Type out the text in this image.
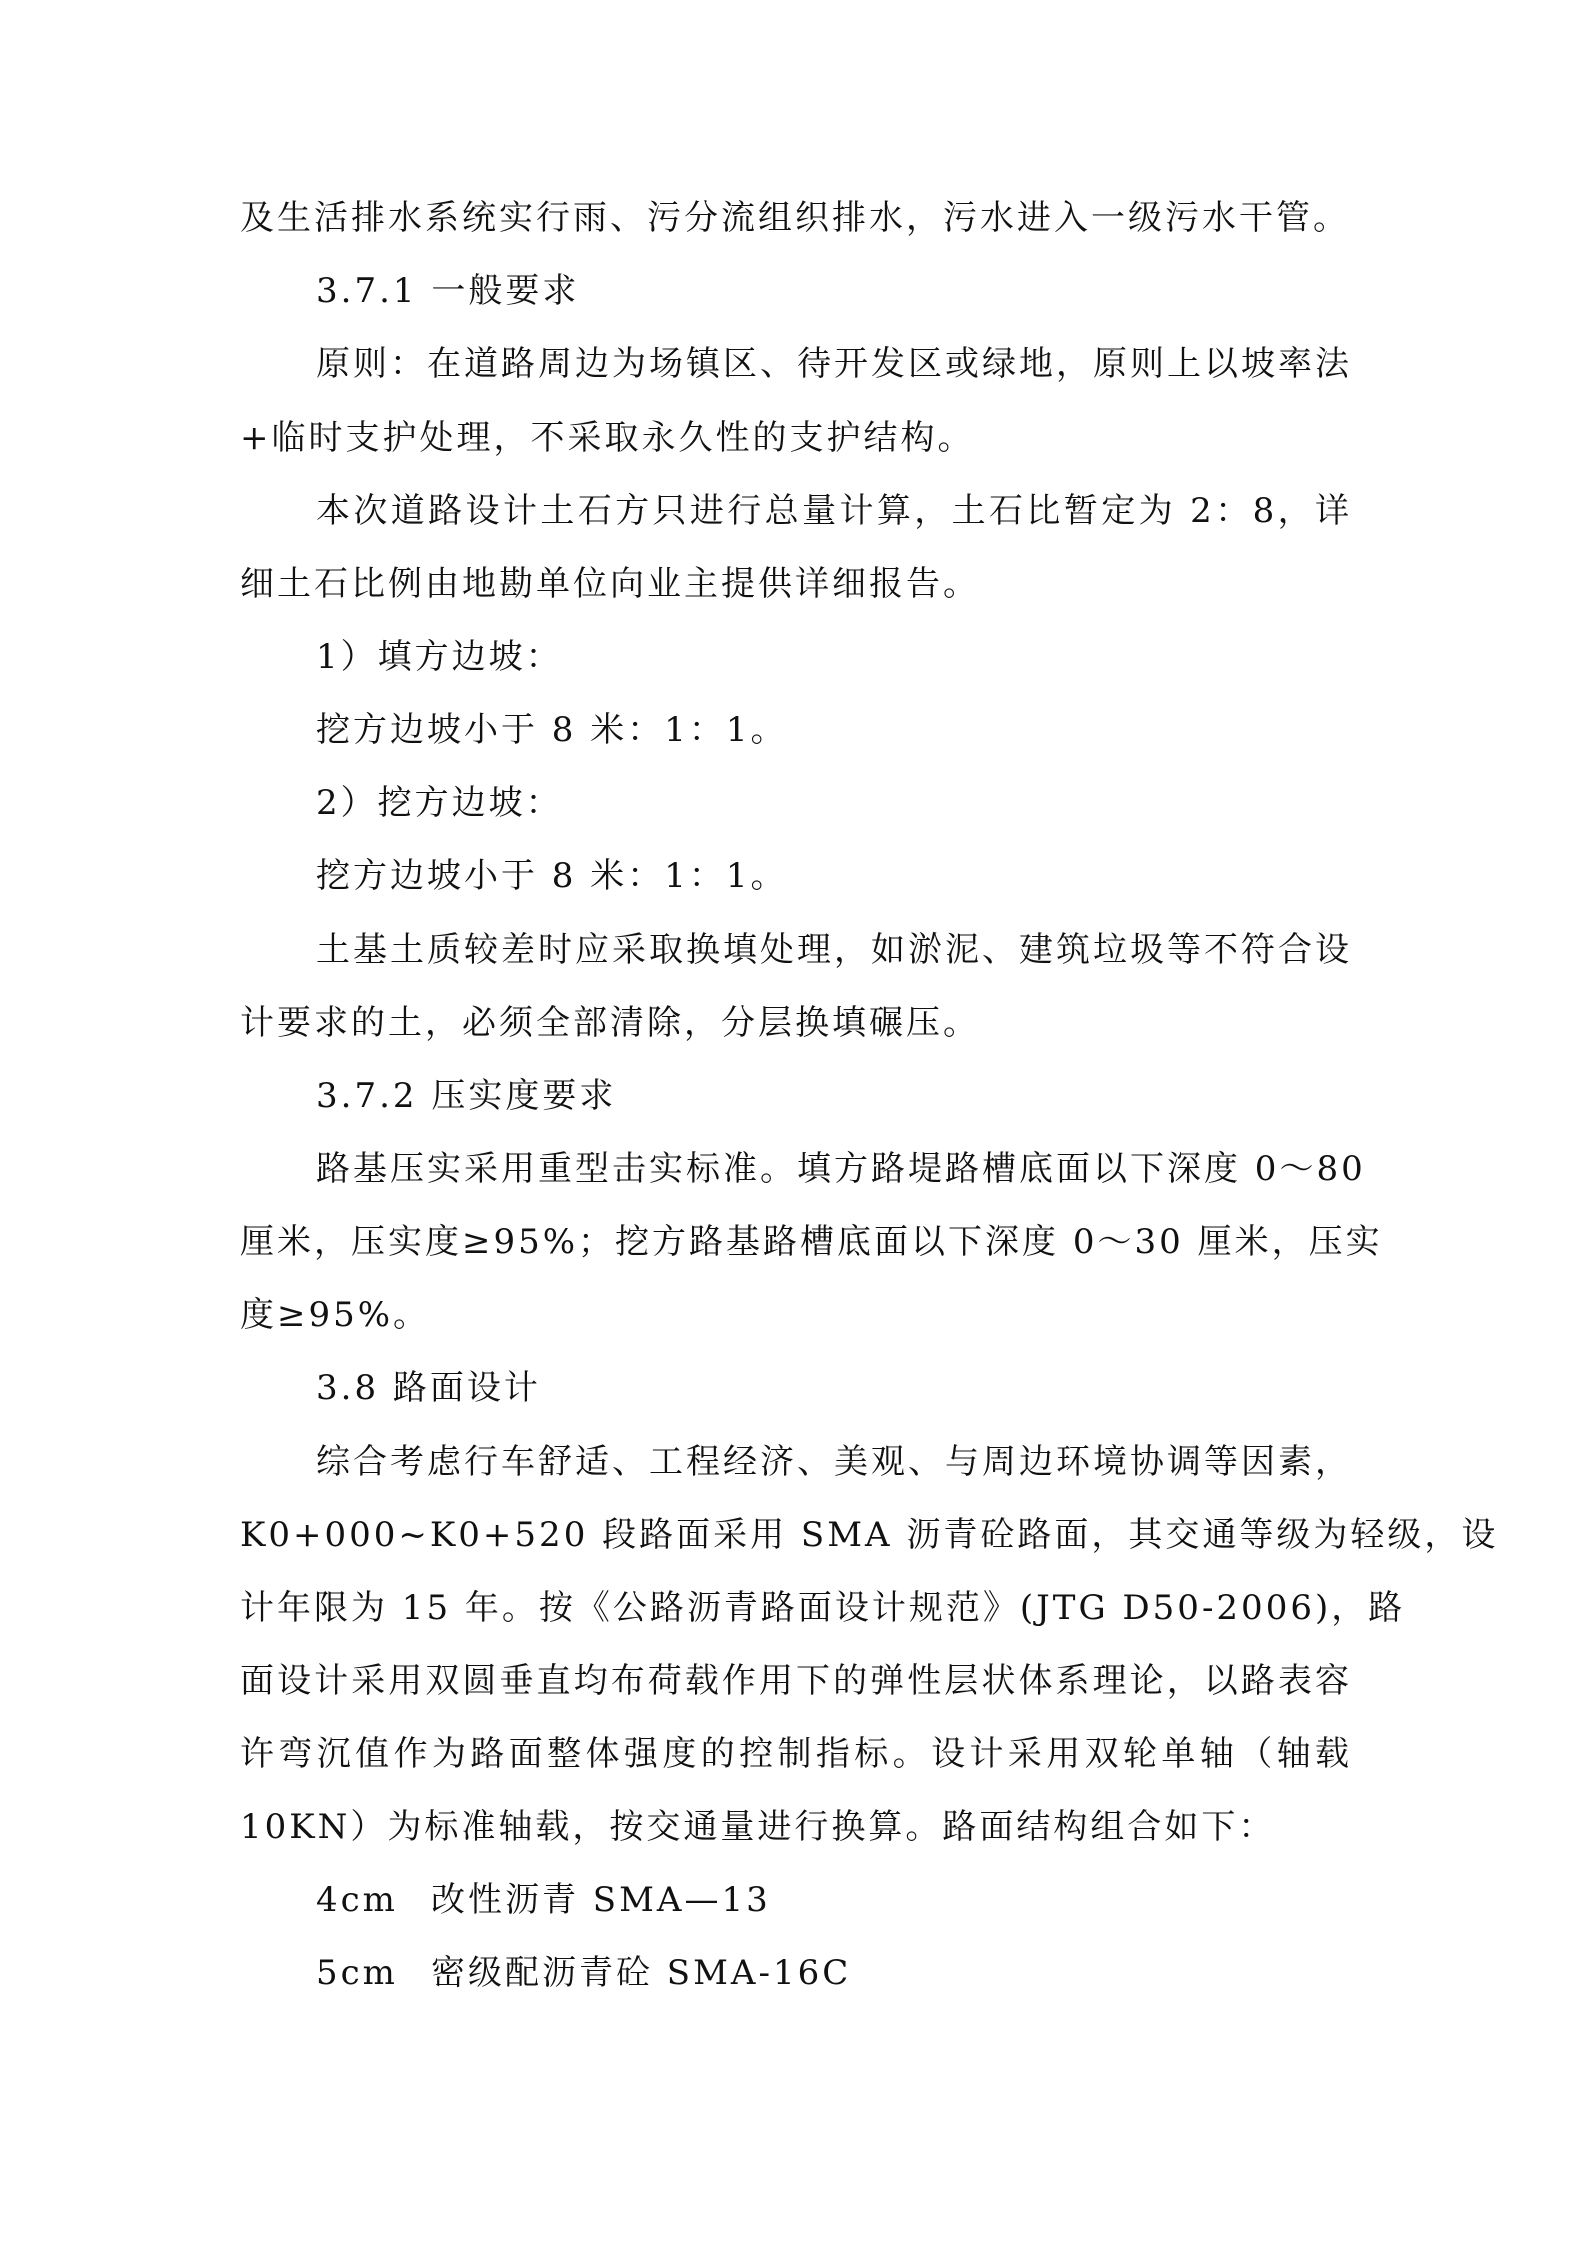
及生活排水系统实行雨、污分流组织排水，污水进入一级污水干管。
3.7.1 一般要求
原则：在道路周边为场镇区、待开发区或绿地，原则上以坡率法
+临时支护处理，不采取永久性的支护结构。
本次道路设计土石方只进行总量计算，土石比暂定为 2：8，详
细土石比例由地勘单位向业主提供详细报告。
1）填方边坡：
挖方边坡小于 8 米：1：1。
2）挖方边坡：
挖方边坡小于 8 米：1：1。
土基土质较差时应采取换填处理，如淤泥、建筑垃圾等不符合设
计要求的土，必须全部清除，分层换填碾压。
3.7.2 压实度要求
路基压实采用重型击实标准。填方路堤路槽底面以下深度 0～80
厘米，压实度≥95%；挖方路基路槽底面以下深度 0～30 厘米，压实
度≥95%。
3.8 路面设计
综合考虑行车舒适、工程经济、美观、与周边环境协调等因素，
K0+000~K0+520 段路面采用 SMA 沥青砼路面，其交通等级为轻级，设
计年限为 15 年。按《公路沥青路面设计规范》(JTG D50-2006)，路
面设计采用双圆垂直均布荷载作用下的弹性层状体系理论，以路表容
许弯沉值作为路面整体强度的控制指标。设计采用双轮单轴（轴载
10KN）为标准轴载，按交通量进行换算。路面结构组合如下：
4cm 改性沥青 SMA—13
5cm 密级配沥青砼 SMA-16C
